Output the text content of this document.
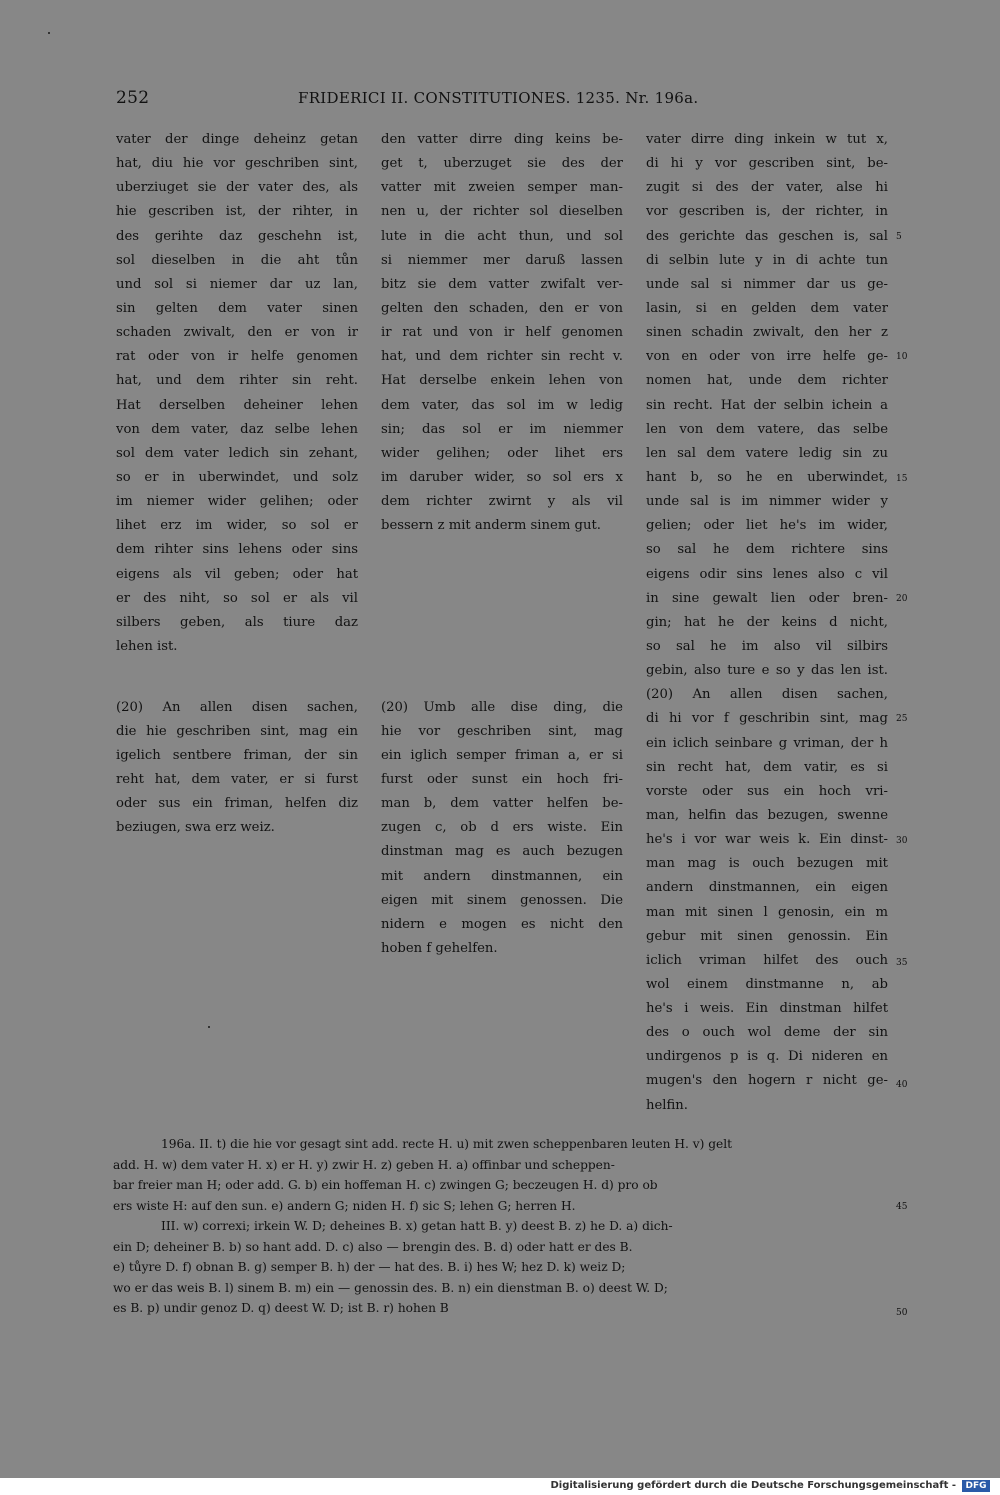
252	FRIDERICI II. CONSTITUTIONES. 1235. Nr. 196a.
vater der dinge deheinz getan
hat, diu hie vor geschriben sint,
uberziuget sie der vater des, als
hie gescriben ist, der rihter, in
des gerihte daz geschehn ist,
sol dieselben in die aht tůn
und sol si niemer dar uz lan,
sin gelten dem vater sinen
schaden zwivalt, den er von ir
rat oder von ir helfe genomen
hat, und dem rihter sin reht.
Hat derselben deheiner lehen
von dem vater, daz selbe lehen
sol dem vater ledich sin zehant,
so er in uberwindet, und solz
im niemer wider gelihen; oder
lihet erz im wider, so sol er
dem rihter sins lehens oder sins
eigens als vil geben; oder hat
er des niht, so sol er als vil
silbers geben, als tiure daz
lehen ist.
(20) An allen disen sachen,
die hie geschriben sint, mag ein
igelich sentbere friman, der sin
reht hat, dem vater, er si furst
oder sus ein friman, helfen diz
beziugen, swa erz weiz.
den vatter dirre ding keins be-
get t, uberzuget sie des der
vatter mit zweien semper man-
nen u, der richter sol dieselben
lute in die acht thun, und sol
si niemmer mer daruß lassen
bitz sie dem vatter zwifalt ver-
gelten den schaden, den er von
ir rat und von ir helf genomen
hat, und dem richter sin recht v.
Hat derselbe enkein lehen von
dem vater, das sol im w ledig
sin; das sol er im niemmer
wider gelihen; oder lihet ers
im daruber wider, so sol ers x
dem richter zwirnt y als vil
bessern z mit anderm sinem gut.
(20) Umb alle dise ding, die
hie vor geschriben sint, mag
ein iglich semper friman a, er si
furst oder sunst ein hoch fri-
man b, dem vatter helfen be-
zugen c, ob d ers wiste. Ein
dinstman mag es auch bezugen
mit andern dinstmannen, ein
eigen mit sinem genossen. Die
nidern e mogen es nicht den
hoben f gehelfen.
vater dirre ding inkein w tut x,
di hi y vor gescriben sint, be-
zugit si des der vater, alse hi
vor gescriben is, der richter, in
des gerichte das geschen is, sal
di selbin lute y in di achte tun
unde sal si nimmer dar us ge-
lasin, si en gelden dem vater
sinen schadin zwivalt, den her z
von en oder von irre helfe ge-
nomen hat, unde dem richter
sin recht. Hat der selbin ichein a
len von dem vatere, das selbe
len sal dem vatere ledig sin zu
hant b, so he en uberwindet,
unde sal is im nimmer wider y
gelien; oder liet he's im wider,
so sal he dem richtere sins
eigens odir sins lenes also c vil
in sine gewalt lien oder bren-
gin; hat he der keins d nicht,
so sal he im also vil silbirs
gebin, also ture e so y das len ist.
(20) An allen disen sachen,
di hi vor f geschribin sint, mag
ein iclich seinbare g vriman, der h
sin recht hat, dem vatir, es si
vorste oder sus ein hoch vri-
man, helfin das bezugen, swenne
he's i vor war weis k. Ein dinst-
man mag is ouch bezugen mit
andern dinstmannen, ein eigen
man mit sinen l genosin, ein m
gebur mit sinen genossin. Ein
iclich vriman hilfet des ouch
wol einem dinstmanne n, ab
he's i weis. Ein dinstman hilfet
des o ouch wol deme der sin
undirgenos p is q. Di nideren en
mugen's den hogern r nicht ge-
helfin.
5
10
15
20
25
30
35
40
196a. II. t) die hie vor gesagt sint add. recte H. u) mit zwen scheppenbaren leuten H. v) gelt
add. H. w) dem vater H. x) er H. y) zwir H. z) geben H. a) offinbar und scheppen-
bar freier man H; oder add. G. b) ein hoffeman H. c) zwingen G; beczeugen H. d) pro ob
ers wiste H: auf den sun. e) andern G; niden H. f) sic S; lehen G; herren H.
III. w) correxi; irkein W. D; deheines B. x) getan hatt B. y) deest B. z) he D. a) dich-
ein D; deheiner B. b) so hant add. D. c) also — brengin des. B. d) oder hatt er des B.
e) tůyre D. f) obnan B. g) semper B. h) der — hat des. B. i) hes W; hez D. k) weiz D;
wo er das weis B. l) sinem B. m) ein — genossin des. B. n) ein dienstman B. o) deest W. D;
es B. p) undir genoz D. q) deest W. D; ist B. r) hohen B
45
50
Digitalisierung gefördert durch die Deutsche Forschungsgemeinschaft -	DFG
